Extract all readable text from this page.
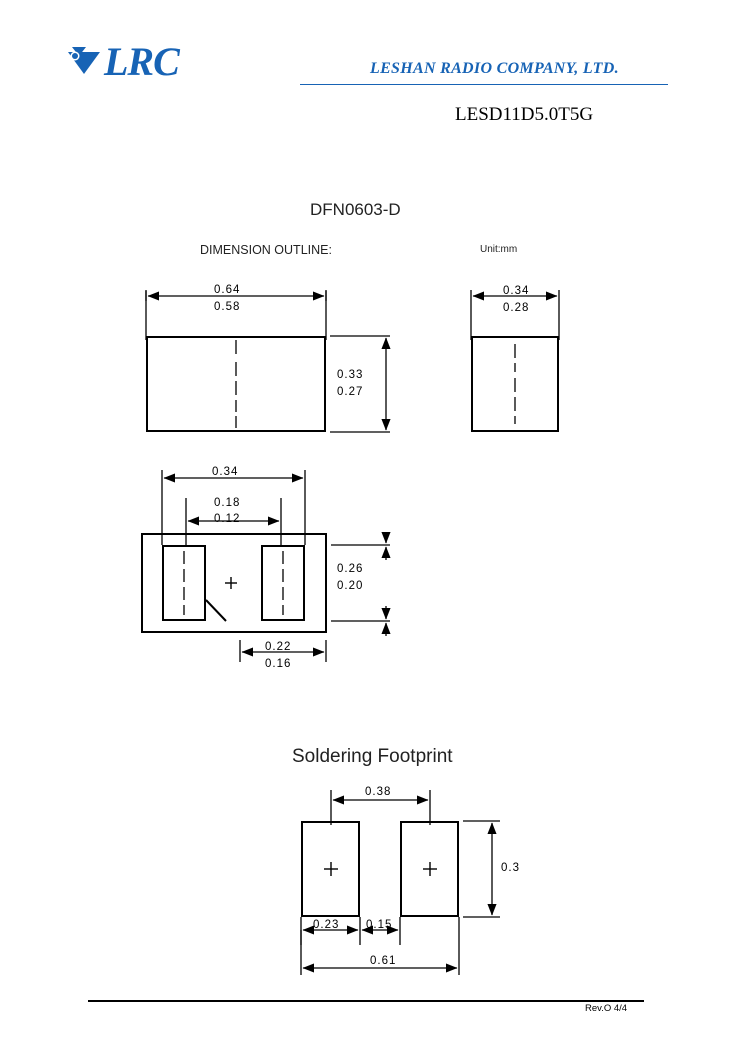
LRC	LESHAN RADIO COMPANY, LTD.
LESD11D5.0T5G
DFN0603-D
DIMENSION OUTLINE:	Unit:mm
Soldering Footprint
0.64
0.58
0.33
0.27
0.34
0.28
0.34
0.18
0.12
0.26
0.20
0.22
0.16
0.38
0.3
0.23 0.15
0.61
Rev.O 4/4
